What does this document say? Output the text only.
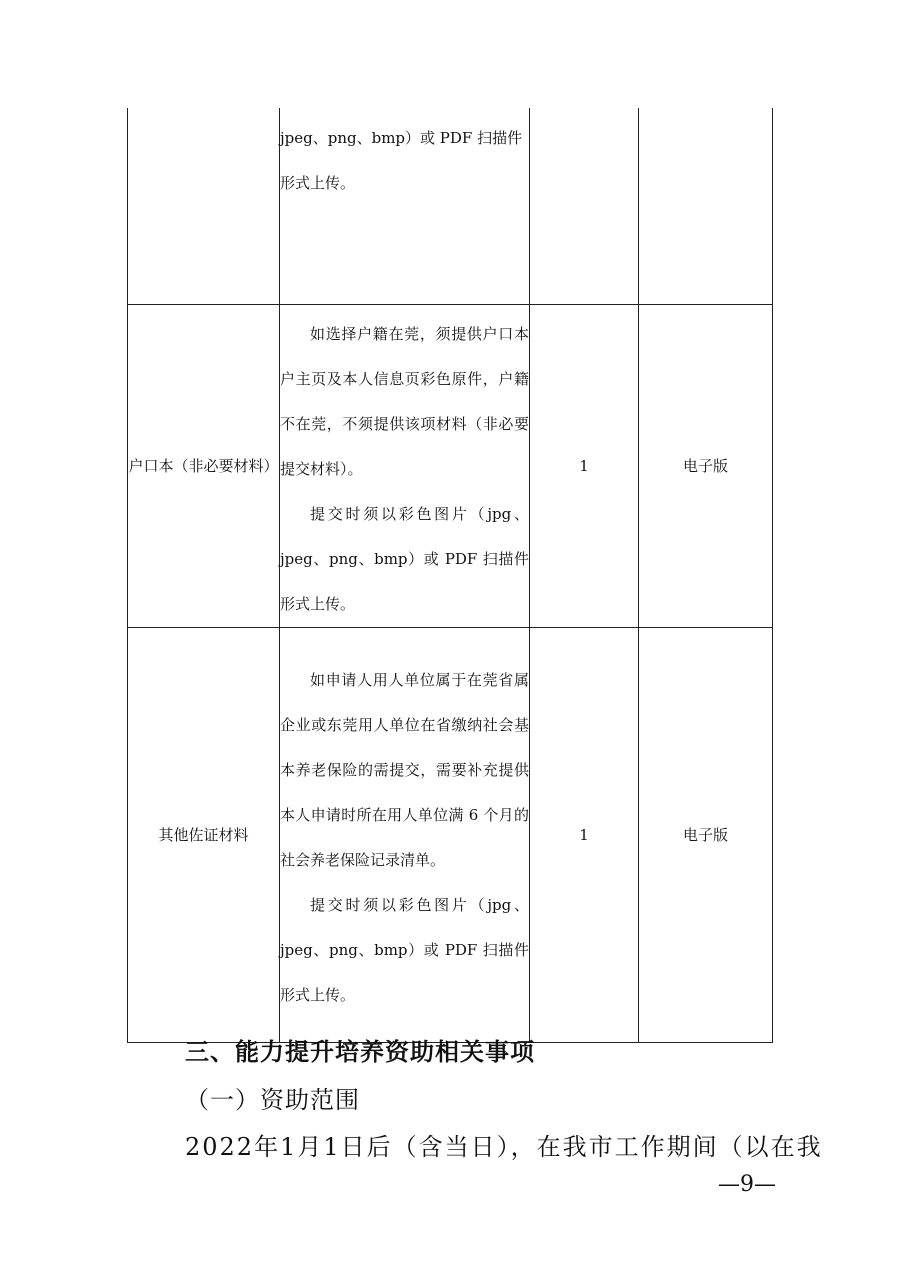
	jpeg、png、bmp）或 PDF 扫描件

形式上传。		

户口本（非必要材料）	如选择户籍在莞，须提供户口本户主页及本人信息页彩色原件，户籍不在莞，不须提供该项材料（非必要提交材料）。

提交时须以彩色图片（jpg、jpeg、png、bmp）或 PDF 扫描件形式上传。	1	电子版
其他佐证材料	如申请人用人单位属于在莞省属企业或东莞用人单位在省缴纳社会基本养老保险的需提交，需要补充提供本人申请时所在用人单位满 6 个月的社会养老保险记录清单。

提交时须以彩色图片（jpg、jpeg、png、bmp）或 PDF 扫描件形式上传。	1	电子版
三、能力提升培养资助相关事项
（一）资助范围
2022年1月1日后（含当日），在我市工作期间（以在我
—9—
